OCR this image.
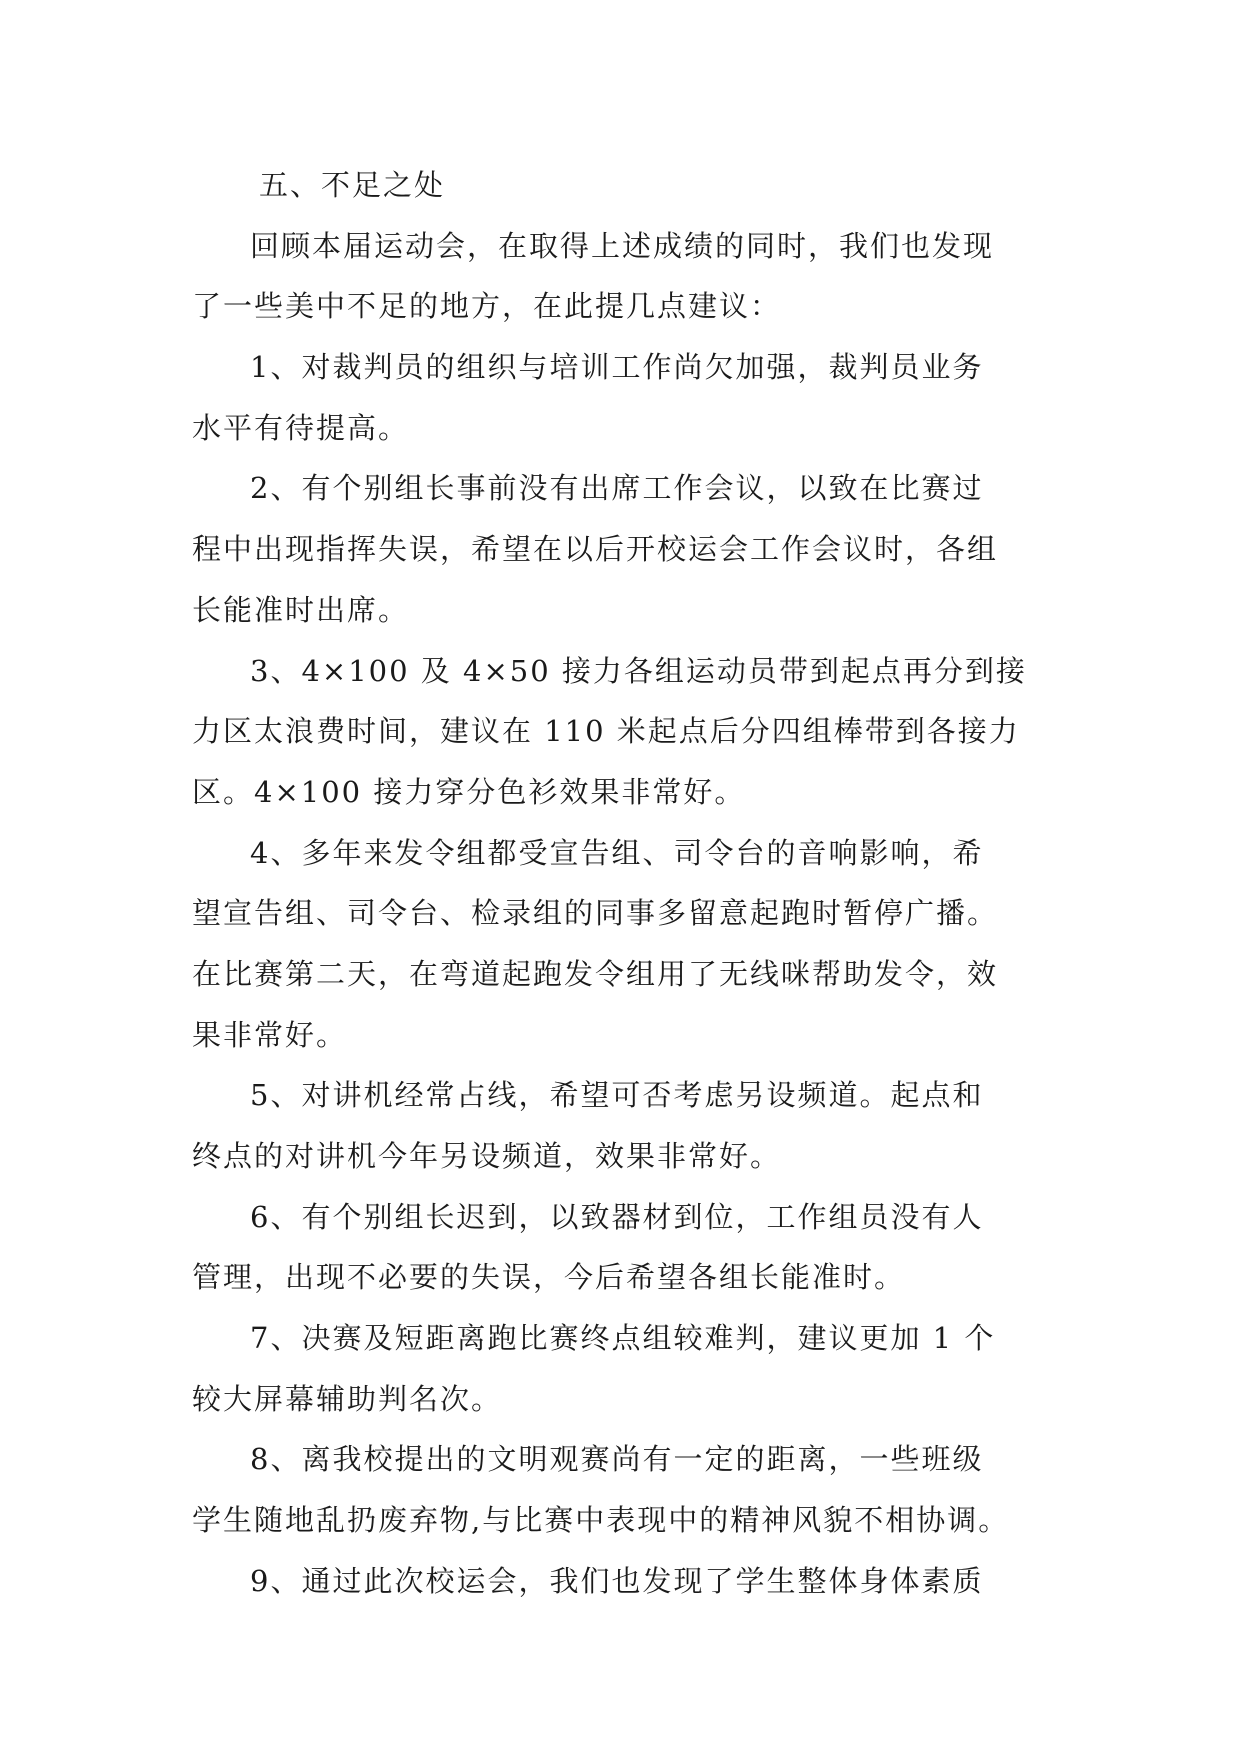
五、不足之处
回顾本届运动会，在取得上述成绩的同时，我们也发现
了一些美中不足的地方，在此提几点建议：
1、对裁判员的组织与培训工作尚欠加强，裁判员业务
水平有待提高。
2、有个别组长事前没有出席工作会议，以致在比赛过
程中出现指挥失误，希望在以后开校运会工作会议时，各组
长能准时出席。
3、4×100 及 4×50 接力各组运动员带到起点再分到接
力区太浪费时间，建议在 110 米起点后分四组棒带到各接力
区。4×100 接力穿分色衫效果非常好。
4、多年来发令组都受宣告组、司令台的音响影响，希
望宣告组、司令台、检录组的同事多留意起跑时暂停广播。
在比赛第二天，在弯道起跑发令组用了无线咪帮助发令，效
果非常好。
5、对讲机经常占线，希望可否考虑另设频道。起点和
终点的对讲机今年另设频道，效果非常好。
6、有个别组长迟到，以致器材到位，工作组员没有人
管理，出现不必要的失误，今后希望各组长能准时。
7、决赛及短距离跑比赛终点组较难判，建议更加 1 个
较大屏幕辅助判名次。
8、离我校提出的文明观赛尚有一定的距离，一些班级
学生随地乱扔废弃物,与比赛中表现中的精神风貌不相协调。
9、通过此次校运会，我们也发现了学生整体身体素质
